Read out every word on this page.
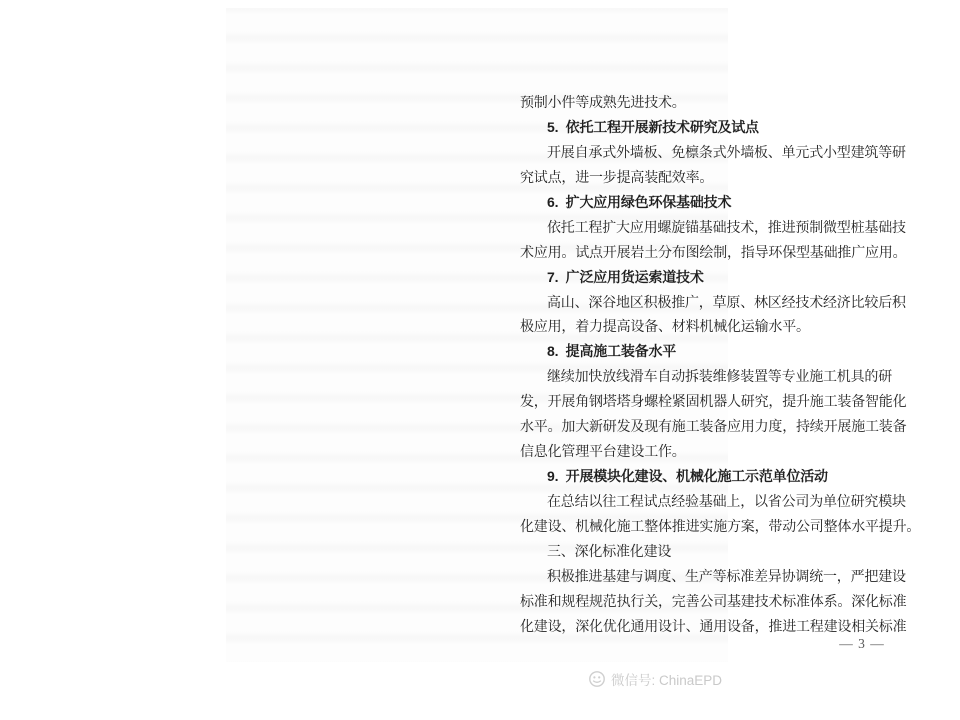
预制小件等成熟先进技术。
5.  依托工程开展新技术研究及试点
开展自承式外墙板、免檩条式外墙板、单元式小型建筑等研
究试点，进一步提高装配效率。
6.  扩大应用绿色环保基础技术
依托工程扩大应用螺旋锚基础技术，推进预制微型桩基础技
术应用。试点开展岩土分布图绘制，指导环保型基础推广应用。
7.  广泛应用货运索道技术
高山、深谷地区积极推广，草原、林区经技术经济比较后积
极应用，着力提高设备、材料机械化运输水平。
8.  提高施工装备水平
继续加快放线滑车自动拆装维修装置等专业施工机具的研
发，开展角钢塔塔身螺栓紧固机器人研究，提升施工装备智能化
水平。加大新研发及现有施工装备应用力度，持续开展施工装备
信息化管理平台建设工作。
9.  开展模块化建设、机械化施工示范单位活动
在总结以往工程试点经验基础上，以省公司为单位研究模块
化建设、机械化施工整体推进实施方案，带动公司整体水平提升。
三、深化标准化建设
积极推进基建与调度、生产等标准差异协调统一，严把建设
标准和规程规范执行关，完善公司基建技术标准体系。深化标准
化建设，深化优化通用设计、通用设备，推进工程建设相关标准
— 3 —
微信号: ChinaEPD
